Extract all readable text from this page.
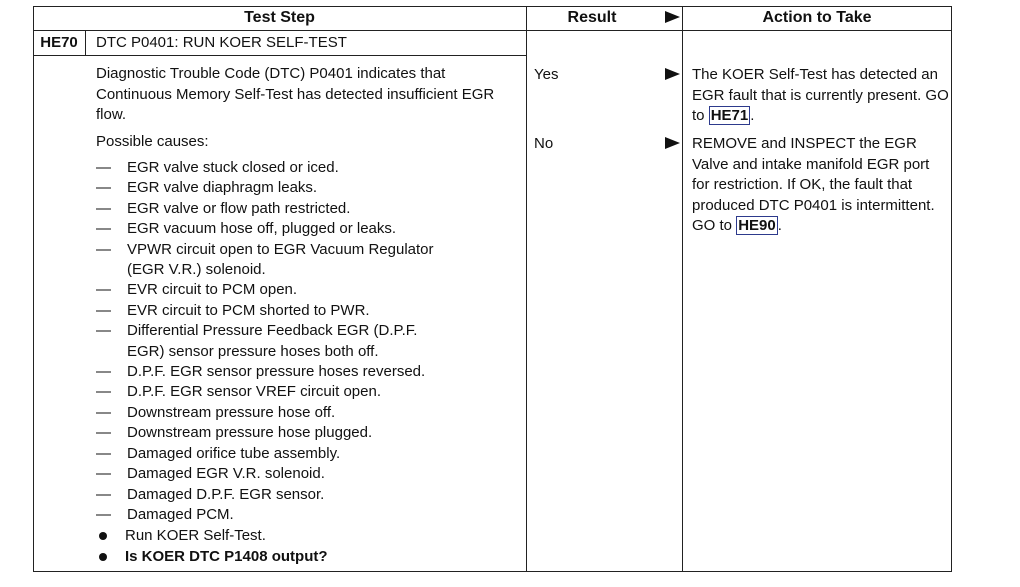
Test Step	Result	Action to Take
HE70	DTC P0401: RUN KOER SELF-TEST
Diagnostic Trouble Code (DTC) P0401 indicates that Continuous Memory Self-Test has detected insufficient EGR flow.
Possible causes:
— EGR valve stuck closed or iced.
— EGR valve diaphragm leaks.
— EGR valve or flow path restricted.
— EGR vacuum hose off, plugged or leaks.
— VPWR circuit open to EGR Vacuum Regulator
(EGR V.R.) solenoid.
— EVR circuit to PCM open.
— EVR circuit to PCM shorted to PWR.
— Differential Pressure Feedback EGR (D.P.F.
EGR) sensor pressure hoses both off.
— D.P.F. EGR sensor pressure hoses reversed.
— D.P.F. EGR sensor VREF circuit open.
— Downstream pressure hose off.
— Downstream pressure hose plugged.
— Damaged orifice tube assembly.
— Damaged EGR V.R. solenoid.
— Damaged D.P.F. EGR sensor.
— Damaged PCM.
Run KOER Self-Test.
Is KOER DTC P1408 output?
Yes	The KOER Self-Test has detected an EGR fault that is currently present. GO to HE71 .
No	REMOVE and INSPECT the EGR Valve and intake manifold EGR port for restriction. If OK, the fault that produced DTC P0401 is intermittent. GO to HE90 .
